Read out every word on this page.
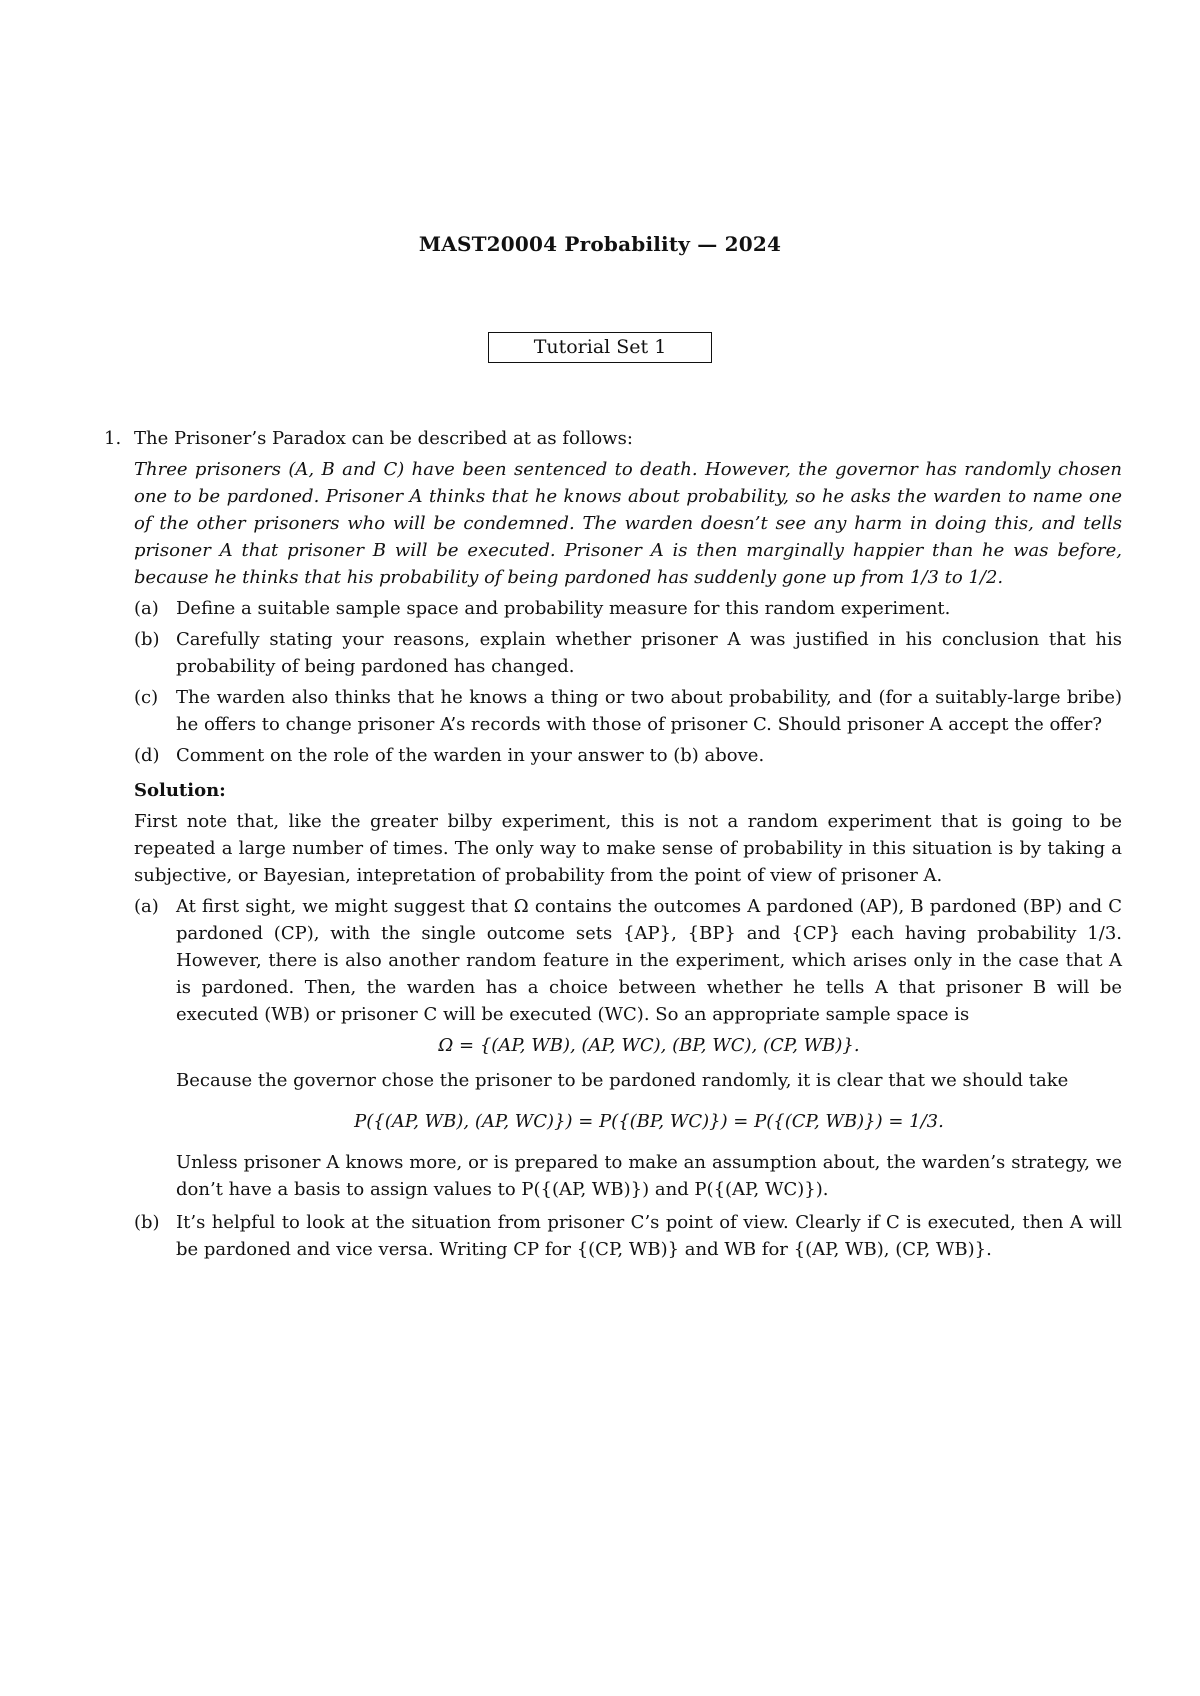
MAST20004 Probability — 2024
Tutorial Set 1
1. The Prisoner’s Paradox can be described at as follows:
Three prisoners (A, B and C) have been sentenced to death. However, the governor has randomly chosen one to be pardoned. Prisoner A thinks that he knows about probability, so he asks the warden to name one of the other prisoners who will be condemned. The warden doesn’t see any harm in doing this, and tells prisoner A that prisoner B will be executed. Prisoner A is then marginally happier than he was before, because he thinks that his probability of being pardoned has suddenly gone up from 1/3 to 1/2.
(a) Define a suitable sample space and probability measure for this random experiment.
(b) Carefully stating your reasons, explain whether prisoner A was justified in his conclusion that his probability of being pardoned has changed.
(c) The warden also thinks that he knows a thing or two about probability, and (for a suitably-large bribe) he offers to change prisoner A’s records with those of prisoner C. Should prisoner A accept the offer?
(d) Comment on the role of the warden in your answer to (b) above.
Solution:
First note that, like the greater bilby experiment, this is not a random experiment that is going to be repeated a large number of times. The only way to make sense of probability in this situation is by taking a subjective, or Bayesian, intepretation of probability from the point of view of prisoner A.
(a) At first sight, we might suggest that Ω contains the outcomes A pardoned (AP), B pardoned (BP) and C pardoned (CP), with the single outcome sets {AP}, {BP} and {CP} each having probability 1/3. However, there is also another random feature in the experiment, which arises only in the case that A is pardoned. Then, the warden has a choice between whether he tells A that prisoner B will be executed (WB) or prisoner C will be executed (WC). So an appropriate sample space is
Ω = {(AP, WB), (AP, WC), (BP, WC), (CP, WB)}.
Because the governor chose the prisoner to be pardoned randomly, it is clear that we should take
P({(AP, WB), (AP, WC)}) = P({(BP, WC)}) = P({(CP, WB)}) = 1/3.
Unless prisoner A knows more, or is prepared to make an assumption about, the warden’s strategy, we don’t have a basis to assign values to P({(AP, WB)}) and P({(AP, WC)}).
(b) It’s helpful to look at the situation from prisoner C’s point of view. Clearly if C is executed, then A will be pardoned and vice versa. Writing CP for {(CP, WB)} and WB for {(AP, WB), (CP, WB)}.
